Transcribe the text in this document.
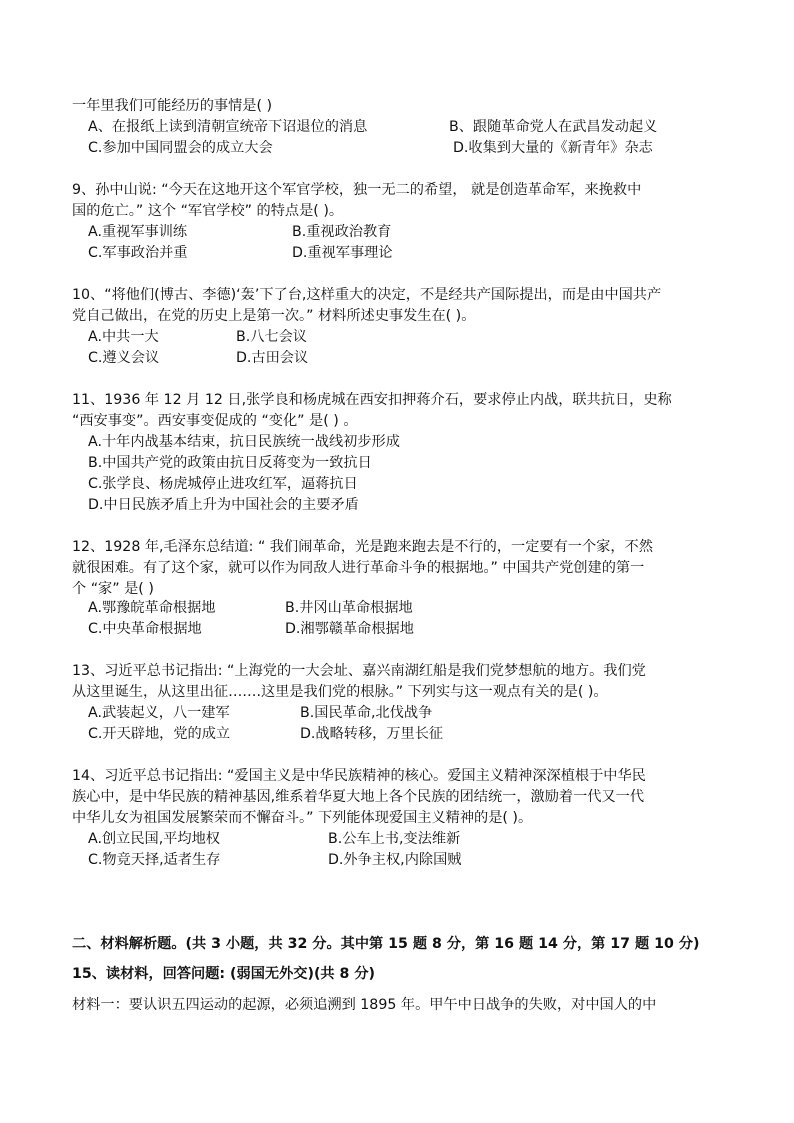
一年里我们可能经历的事情是( )
A、在报纸上读到清朝宣统帝下诏退位的消息	B、跟随革命党人在武昌发动起义
C.参加中国同盟会的成立大会	D.收集到大量的《新青年》杂志
9、孙中山说: “今天在这地开这个军官学校，独一无二的希望， 就是创造革命军，来挽救中
国的危亡。” 这个 “军官学校” 的特点是( )。
A.重视军事训练	B.重视政治教育
C.军事政治并重	D.重视军事理论
10、“将他们(博古、李德)‘轰’下了台,这样重大的决定，不是经共产国际提出，而是由中国共产
党自己做出，在党的历史上是第一次。” 材料所述史事发生在( )。
A.中共一大	B.八七会议
C.遵义会议	D.古田会议
11、1936 年 12 月 12 日,张学良和杨虎城在西安扣押蒋介石，要求停止内战，联共抗日，史称
“西安事变”。西安事变促成的 “变化” 是( ) 。
A.十年内战基本结束，抗日民族统一战线初步形成
B.中国共产党的政策由抗日反蒋变为一致抗日
C.张学良、杨虎城停止进攻红军，逼蒋抗日
D.中日民族矛盾上升为中国社会的主要矛盾
12、1928 年,毛泽东总结道: “ 我们闹革命，光是跑来跑去是不行的，一定要有一个家，不然
就很困难。有了这个家，就可以作为同敌人进行革命斗争的根据地。” 中国共产党创建的第一
个 “家” 是( )
A.鄂豫皖革命根据地	B.井冈山革命根据地
C.中央革命根据地	D.湘鄂赣革命根据地
13、习近平总书记指出: “上海党的一大会址、嘉兴南湖红船是我们党梦想航的地方。我们党
从这里诞生，从这里出征…….这里是我们党的根脉。” 下列实与这一观点有关的是( )。
A.武装起义，八一建军	B.国民革命,北伐战争
C.开天辟地，党的成立	D.战略转移，万里长征
14、习近平总书记指出: “爱国主义是中华民族精神的核心。爱国主义精神深深植根于中华民
族心中，是中华民族的精神基因,维系着华夏大地上各个民族的团结统一，激励着一代又一代
中华儿女为祖国发展繁荣而不懈奋斗。” 下列能体现爱国主义精神的是( )。
A.创立民国,平均地权	B.公车上书,变法维新
C.物竞天择,适者生存	D.外争主权,内除国贼
二、材料解析题。(共 3 小题，共 32 分。其中第 15 题 8 分，第 16 题 14 分，第 17 题 10 分)
15、读材料，回答问题: (弱国无外交)(共 8 分)
材料一：要认识五四运动的起源，必须追溯到 1895 年。甲午中日战争的失败，对中国人的中
